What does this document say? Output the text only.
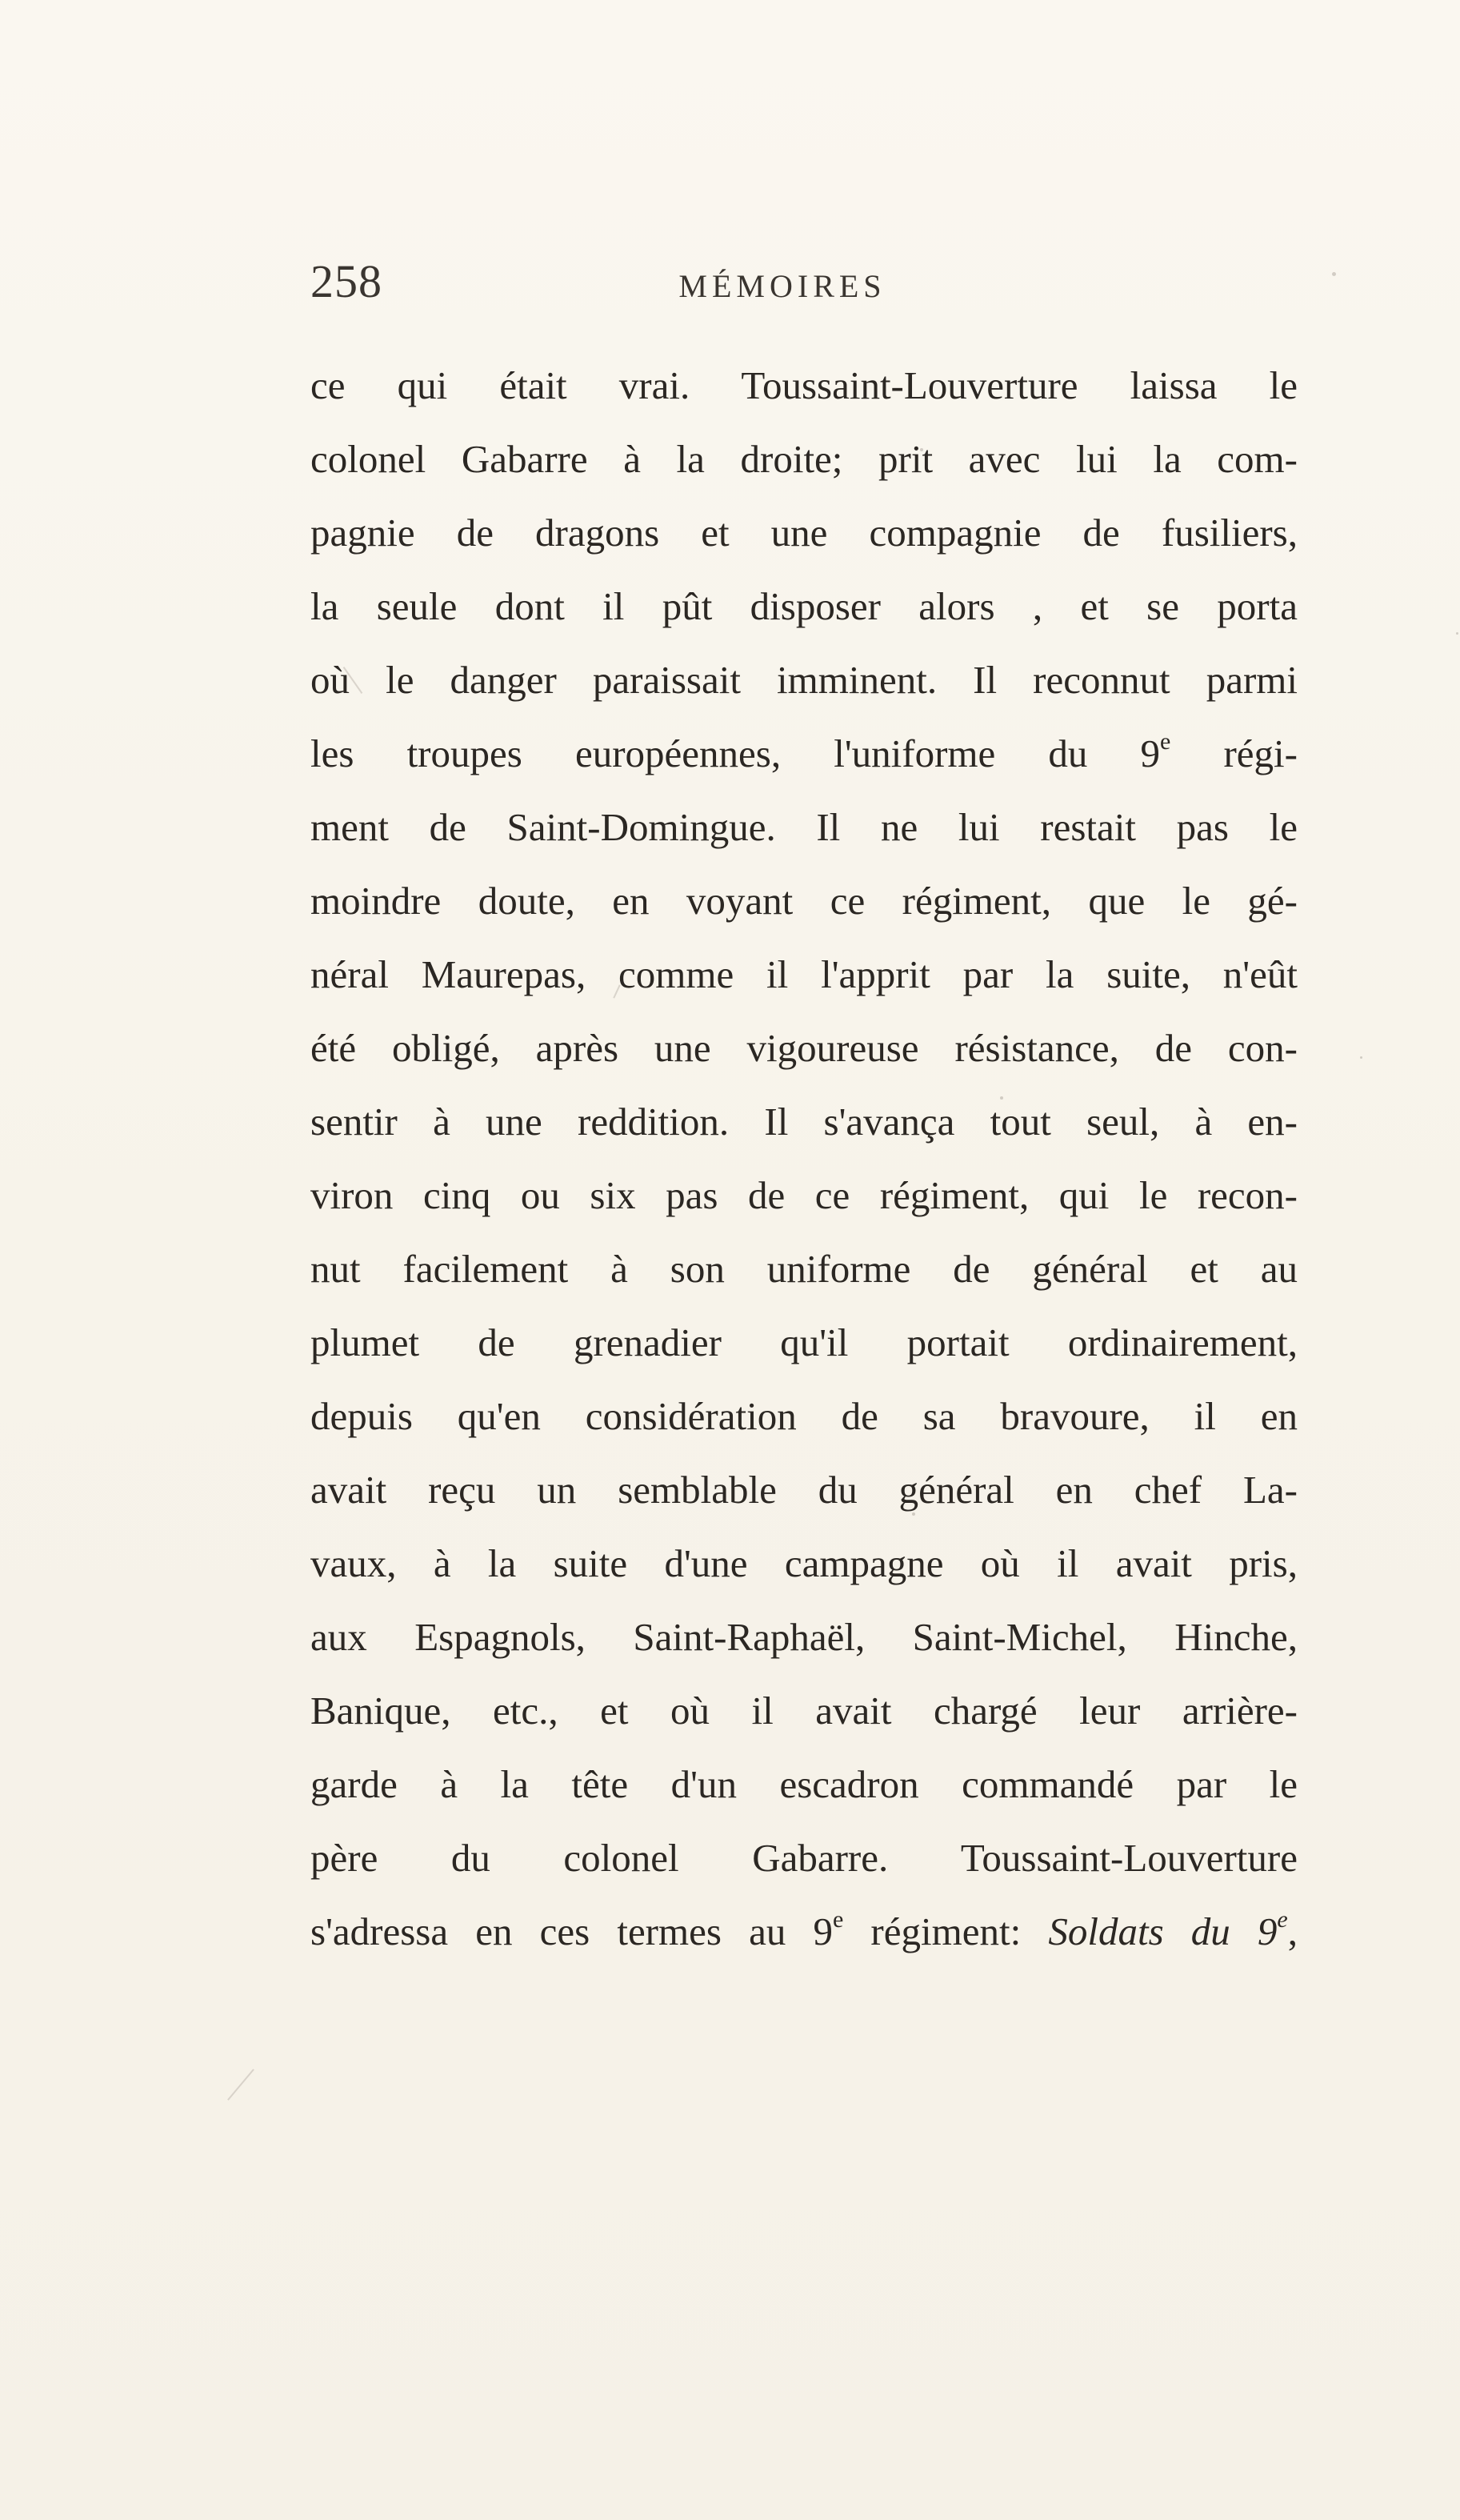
258	MÉMOIRES
ce qui était vrai. Toussaint-Louverture laissa le
colonel Gabarre à la droite; prit avec lui la com-
pagnie de dragons et une compagnie de fusiliers,
la seule dont il pût disposer alors , et se porta
où le danger paraissait imminent. Il reconnut parmi
les troupes européennes, l'uniforme du 9e régi-
ment de Saint-Domingue. Il ne lui restait pas le
moindre doute, en voyant ce régiment, que le gé-
néral Maurepas, comme il l'apprit par la suite, n'eût
été obligé, après une vigoureuse résistance, de con-
sentir à une reddition. Il s'avança tout seul, à en-
viron cinq ou six pas de ce régiment, qui le recon-
nut facilement à son uniforme de général et au
plumet de grenadier qu'il portait ordinairement,
depuis qu'en considération de sa bravoure, il en
avait reçu un semblable du général en chef La-
vaux, à la suite d'une campagne où il avait pris,
aux Espagnols, Saint-Raphaël, Saint-Michel, Hinche,
Banique, etc., et où il avait chargé leur arrière-
garde à la tête d'un escadron commandé par le
père du colonel Gabarre. Toussaint-Louverture
s'adressa en ces termes au 9e régiment: Soldats du 9e,
